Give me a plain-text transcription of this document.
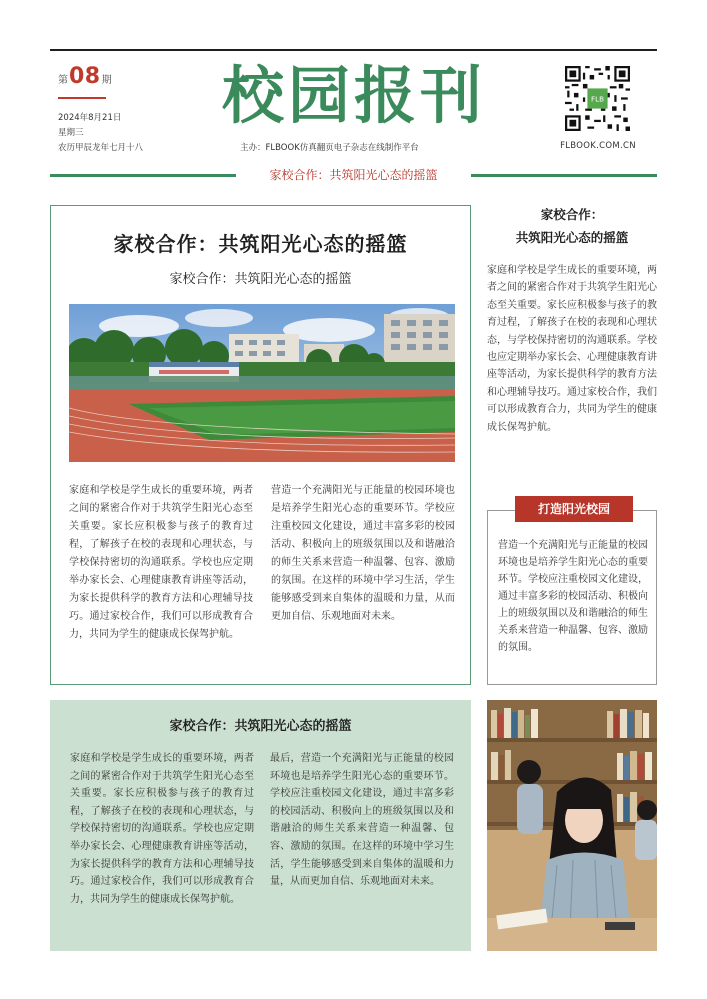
第 08 期
2024年8月21日
星期三
农历甲辰龙年七月十八
校园报刊
主办：FLBOOK仿真翻页电子杂志在线制作平台
FLB
FLBOOK.COM.CN
家校合作：共筑阳光心态的摇篮
家校合作：共筑阳光心态的摇篮
家校合作：共筑阳光心态的摇篮
家庭和学校是学生成长的重要环境，两者之间的紧密合作对于共筑学生阳光心态至关重要。家长应积极参与孩子的教育过程，了解孩子在校的表现和心理状态，与学校保持密切的沟通联系。学校也应定期举办家长会、心理健康教育讲座等活动，为家长提供科学的教育方法和心理辅导技巧。通过家校合作，我们可以形成教育合力，共同为学生的健康成长保驾护航。
营造一个充满阳光与正能量的校园环境也是培养学生阳光心态的重要环节。学校应注重校园文化建设，通过丰富多彩的校园活动、积极向上的班级氛围以及和谐融洽的师生关系来营造一种温馨、包容、激励的氛围。在这样的环境中学习生活，学生能够感受到来自集体的温暖和力量，从而更加自信、乐观地面对未来。
家校合作：
共筑阳光心态的摇篮
家庭和学校是学生成长的重要环境，两者之间的紧密合作对于共筑学生阳光心态至关重要。家长应积极参与孩子的教育过程，了解孩子在校的表现和心理状态，与学校保持密切的沟通联系。学校也应定期举办家长会、心理健康教育讲座等活动，为家长提供科学的教育方法和心理辅导技巧。通过家校合作，我们可以形成教育合力，共同为学生的健康成长保驾护航。
打造阳光校园
营造一个充满阳光与正能量的校园环境也是培养学生阳光心态的重要环节。学校应注重校园文化建设，通过丰富多彩的校园活动、积极向上的班级氛围以及和谐融洽的师生关系来营造一种温馨、包容、激励的氛围。
家校合作：共筑阳光心态的摇篮
家庭和学校是学生成长的重要环境，两者之间的紧密合作对于共筑学生阳光心态至关重要。家长应积极参与孩子的教育过程，了解孩子在校的表现和心理状态，与学校保持密切的沟通联系。学校也应定期举办家长会、心理健康教育讲座等活动，为家长提供科学的教育方法和心理辅导技巧。通过家校合作，我们可以形成教育合力，共同为学生的健康成长保驾护航。
最后，营造一个充满阳光与正能量的校园环境也是培养学生阳光心态的重要环节。学校应注重校园文化建设，通过丰富多彩的校园活动、积极向上的班级氛围以及和谐融洽的师生关系来营造一种温馨、包容、激励的氛围。在这样的环境中学习生活，学生能够感受到来自集体的温暖和力量，从而更加自信、乐观地面对未来。
